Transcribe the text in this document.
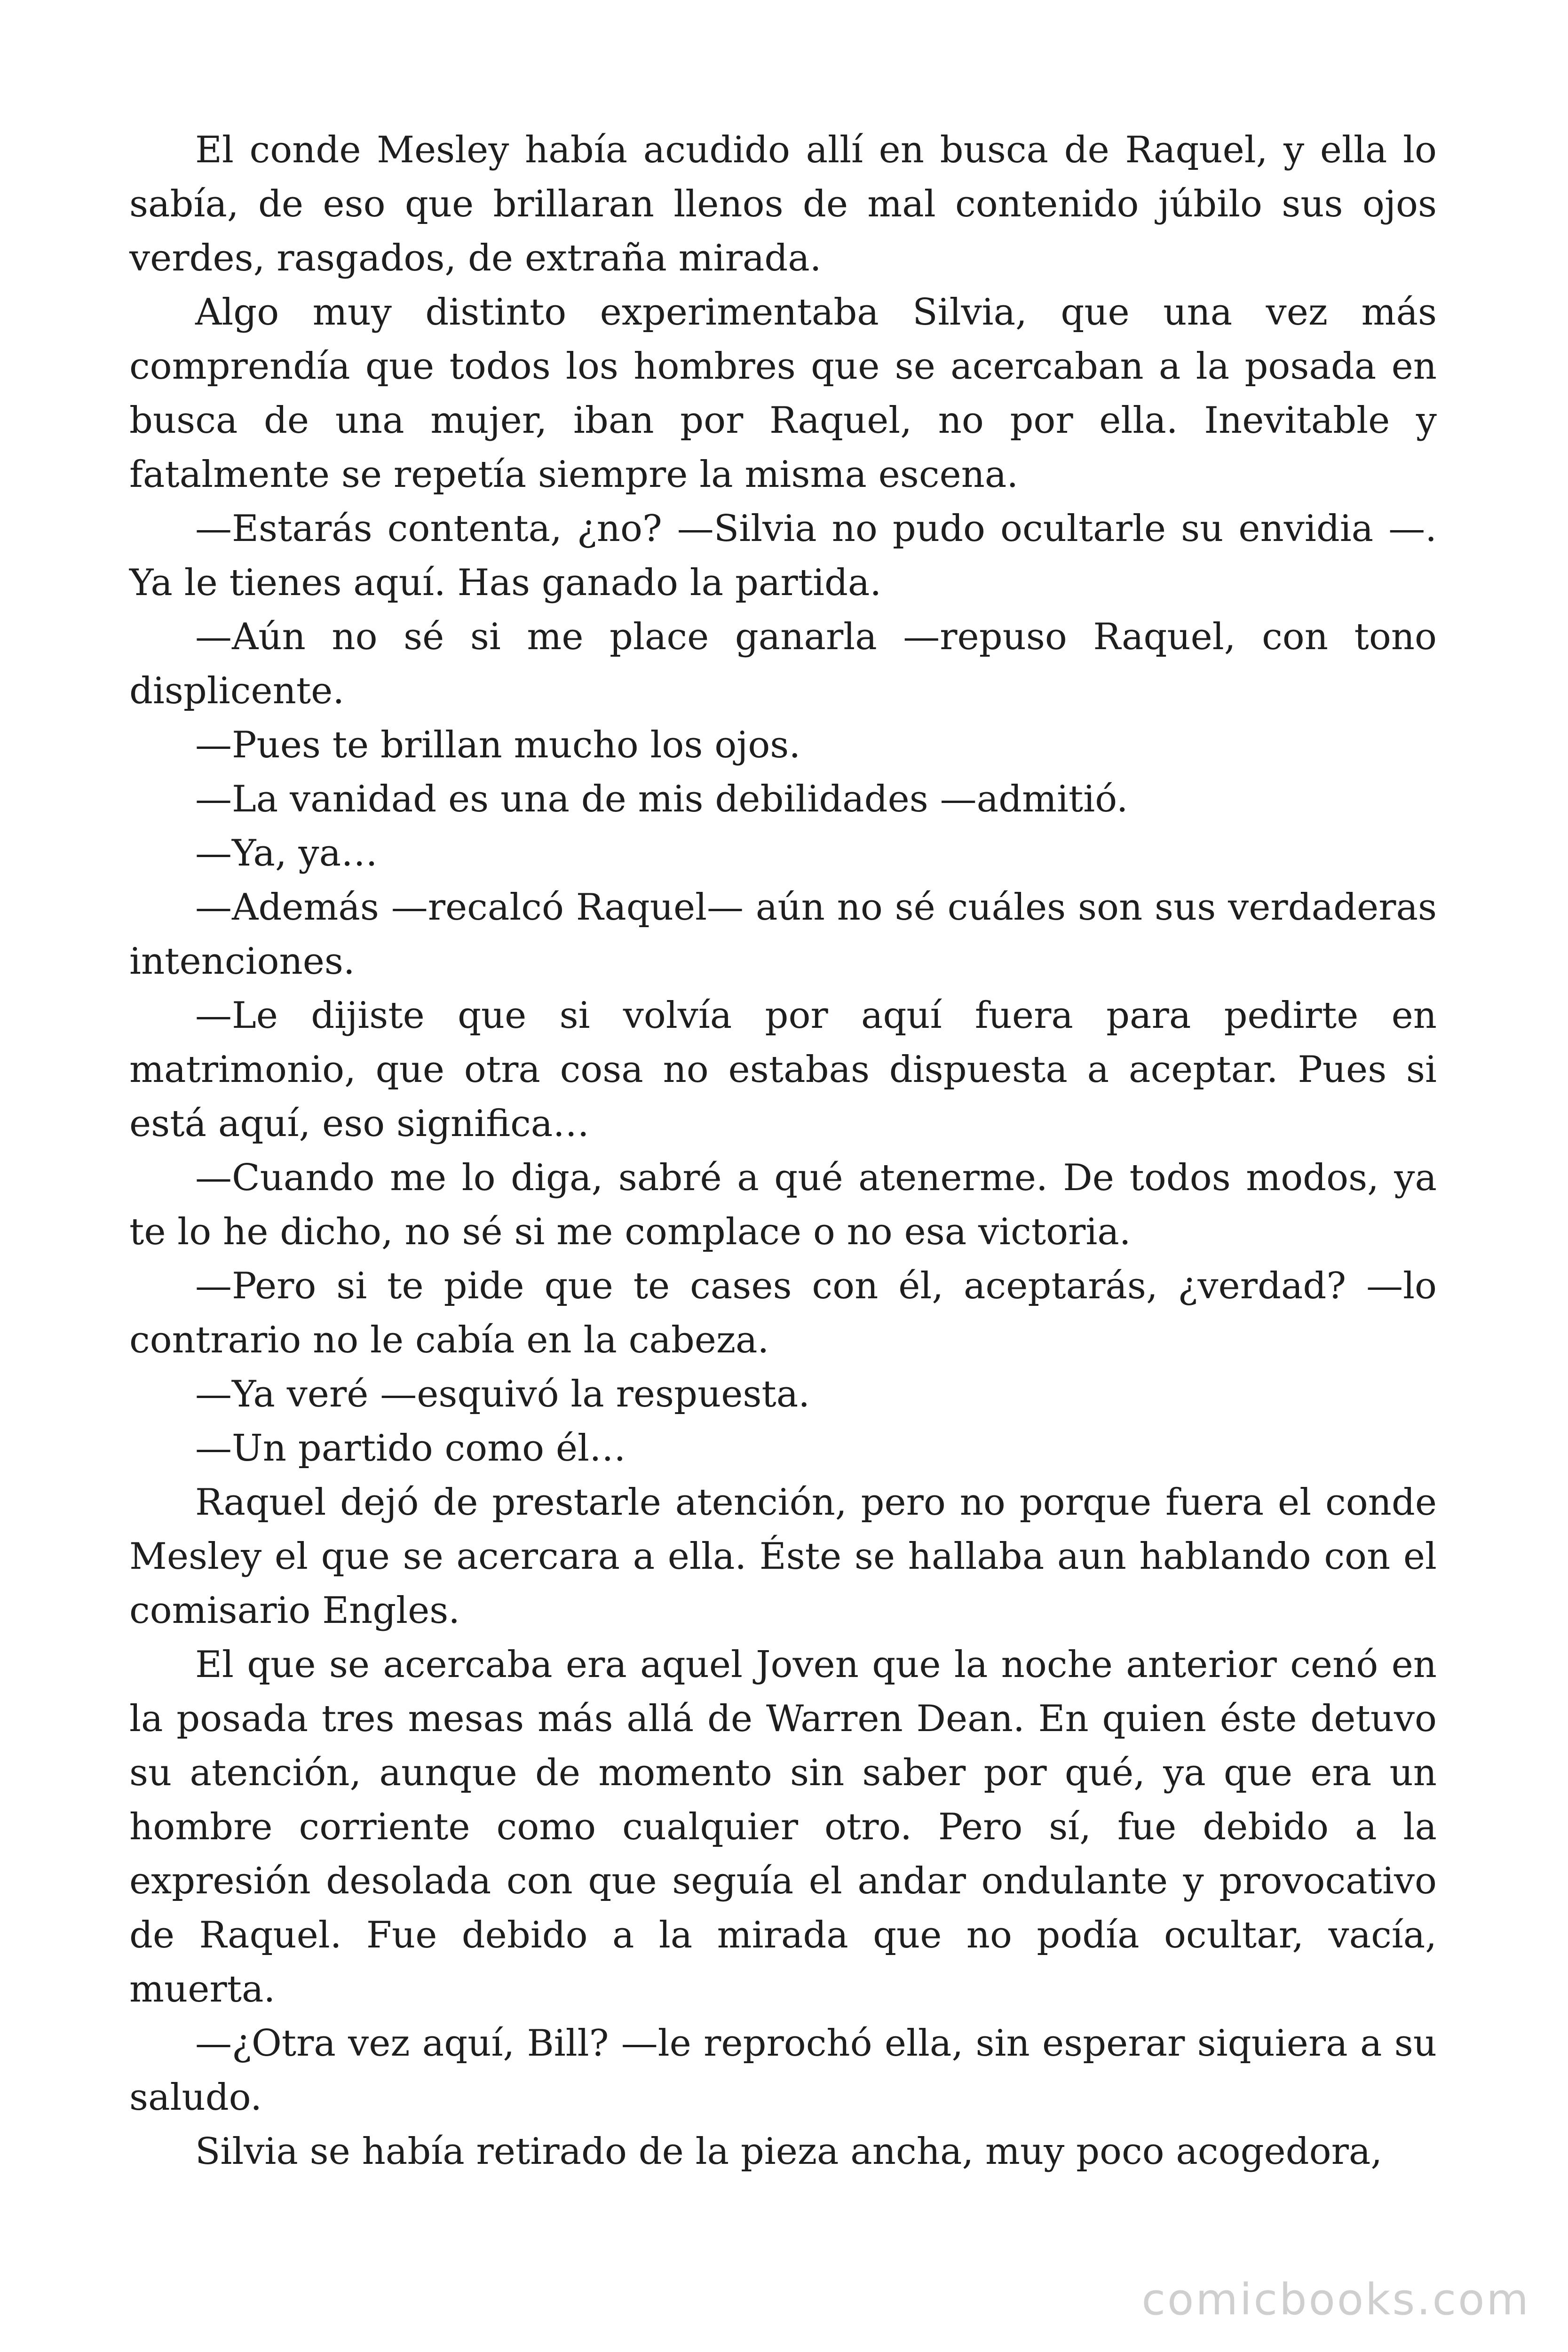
El conde Mesley había acudido allí en busca de Raquel, y ella lo sabía, de eso que brillaran llenos de mal contenido júbilo sus ojos verdes, rasgados, de extraña mirada.

Algo muy distinto experimentaba Silvia, que una vez más comprendía que todos los hombres que se acercaban a la posada en busca de una mujer, iban por Raquel, no por ella. Inevitable y fatalmente se repetía siempre la misma escena.

—Estarás contenta, ¿no? —Silvia no pudo ocultarle su envidia —. Ya le tienes aquí. Has ganado la partida.

—Aún no sé si me place ganarla —repuso Raquel, con tono displicente.

—Pues te brillan mucho los ojos.

—La vanidad es una de mis debilidades —admitió.

—Ya, ya…

—Además —recalcó Raquel— aún no sé cuáles son sus verdaderas intenciones.

—Le dijiste que si volvía por aquí fuera para pedirte en matrimonio, que otra cosa no estabas dispuesta a aceptar. Pues si está aquí, eso significa…

—Cuando me lo diga, sabré a qué atenerme. De todos modos, ya te lo he dicho, no sé si me complace o no esa victoria.

—Pero si te pide que te cases con él, aceptarás, ¿verdad? —lo contrario no le cabía en la cabeza.

—Ya veré —esquivó la respuesta.

—Un partido como él…

Raquel dejó de prestarle atención, pero no porque fuera el conde Mesley el que se acercara a ella. Éste se hallaba aun hablando con el comisario Engles.

El que se acercaba era aquel Joven que la noche anterior cenó en la posada tres mesas más allá de Warren Dean. En quien éste detuvo su atención, aunque de momento sin saber por qué, ya que era un hombre corriente como cualquier otro. Pero sí, fue debido a la expresión desolada con que seguía el andar ondulante y provocativo de Raquel. Fue debido a la mirada que no podía ocultar, vacía, muerta.

—¿Otra vez aquí, Bill? —le reprochó ella, sin esperar siquiera a su saludo.

Silvia se había retirado de la pieza ancha, muy poco acogedora,

comicbooks.com
